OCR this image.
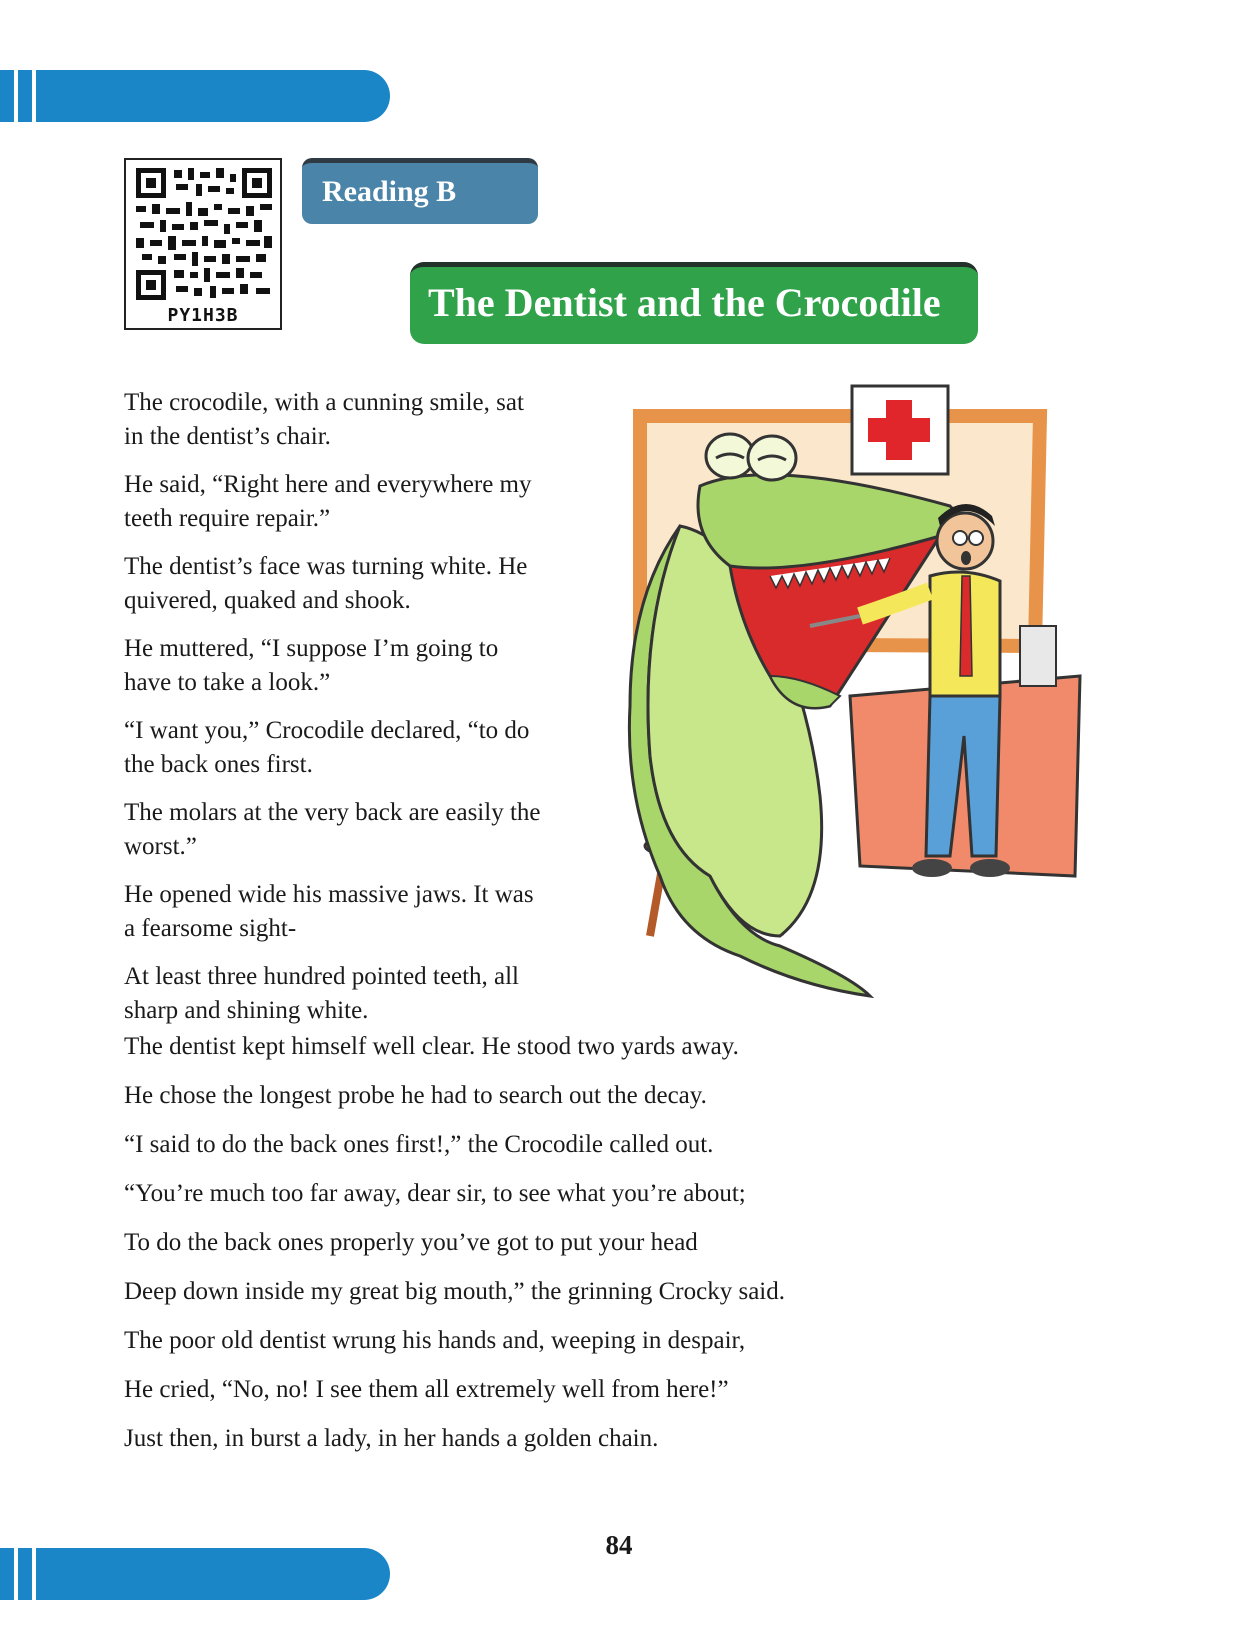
PY1H3B
Reading B
The Dentist and the Crocodile
The crocodile, with a cunning smile, sat
in the dentist’s chair.
He said, “Right here and everywhere my
teeth require repair.”
The dentist’s face was turning white. He
quivered, quaked and shook.
He muttered, “I suppose I’m going to
have to take a look.”
“I want you,” Crocodile declared, “to do
the back ones first.
The molars at the very back are easily the
worst.”
He opened wide his massive jaws. It was
a fearsome sight-
At least three hundred pointed teeth, all
sharp and shining white.
The dentist kept himself well clear. He stood two yards away.
He chose the longest probe he had to search out the decay.
“I said to do the back ones first!,” the Crocodile called out.
“You’re much too far away, dear sir, to see what you’re about;
To do the back ones properly you’ve got to put your head
Deep down inside my great big mouth,” the grinning Crocky said.
The poor old dentist wrung his hands and, weeping in despair,
He cried, “No, no! I see them all extremely well from here!”
Just then, in burst a lady, in her hands a golden chain.
84
